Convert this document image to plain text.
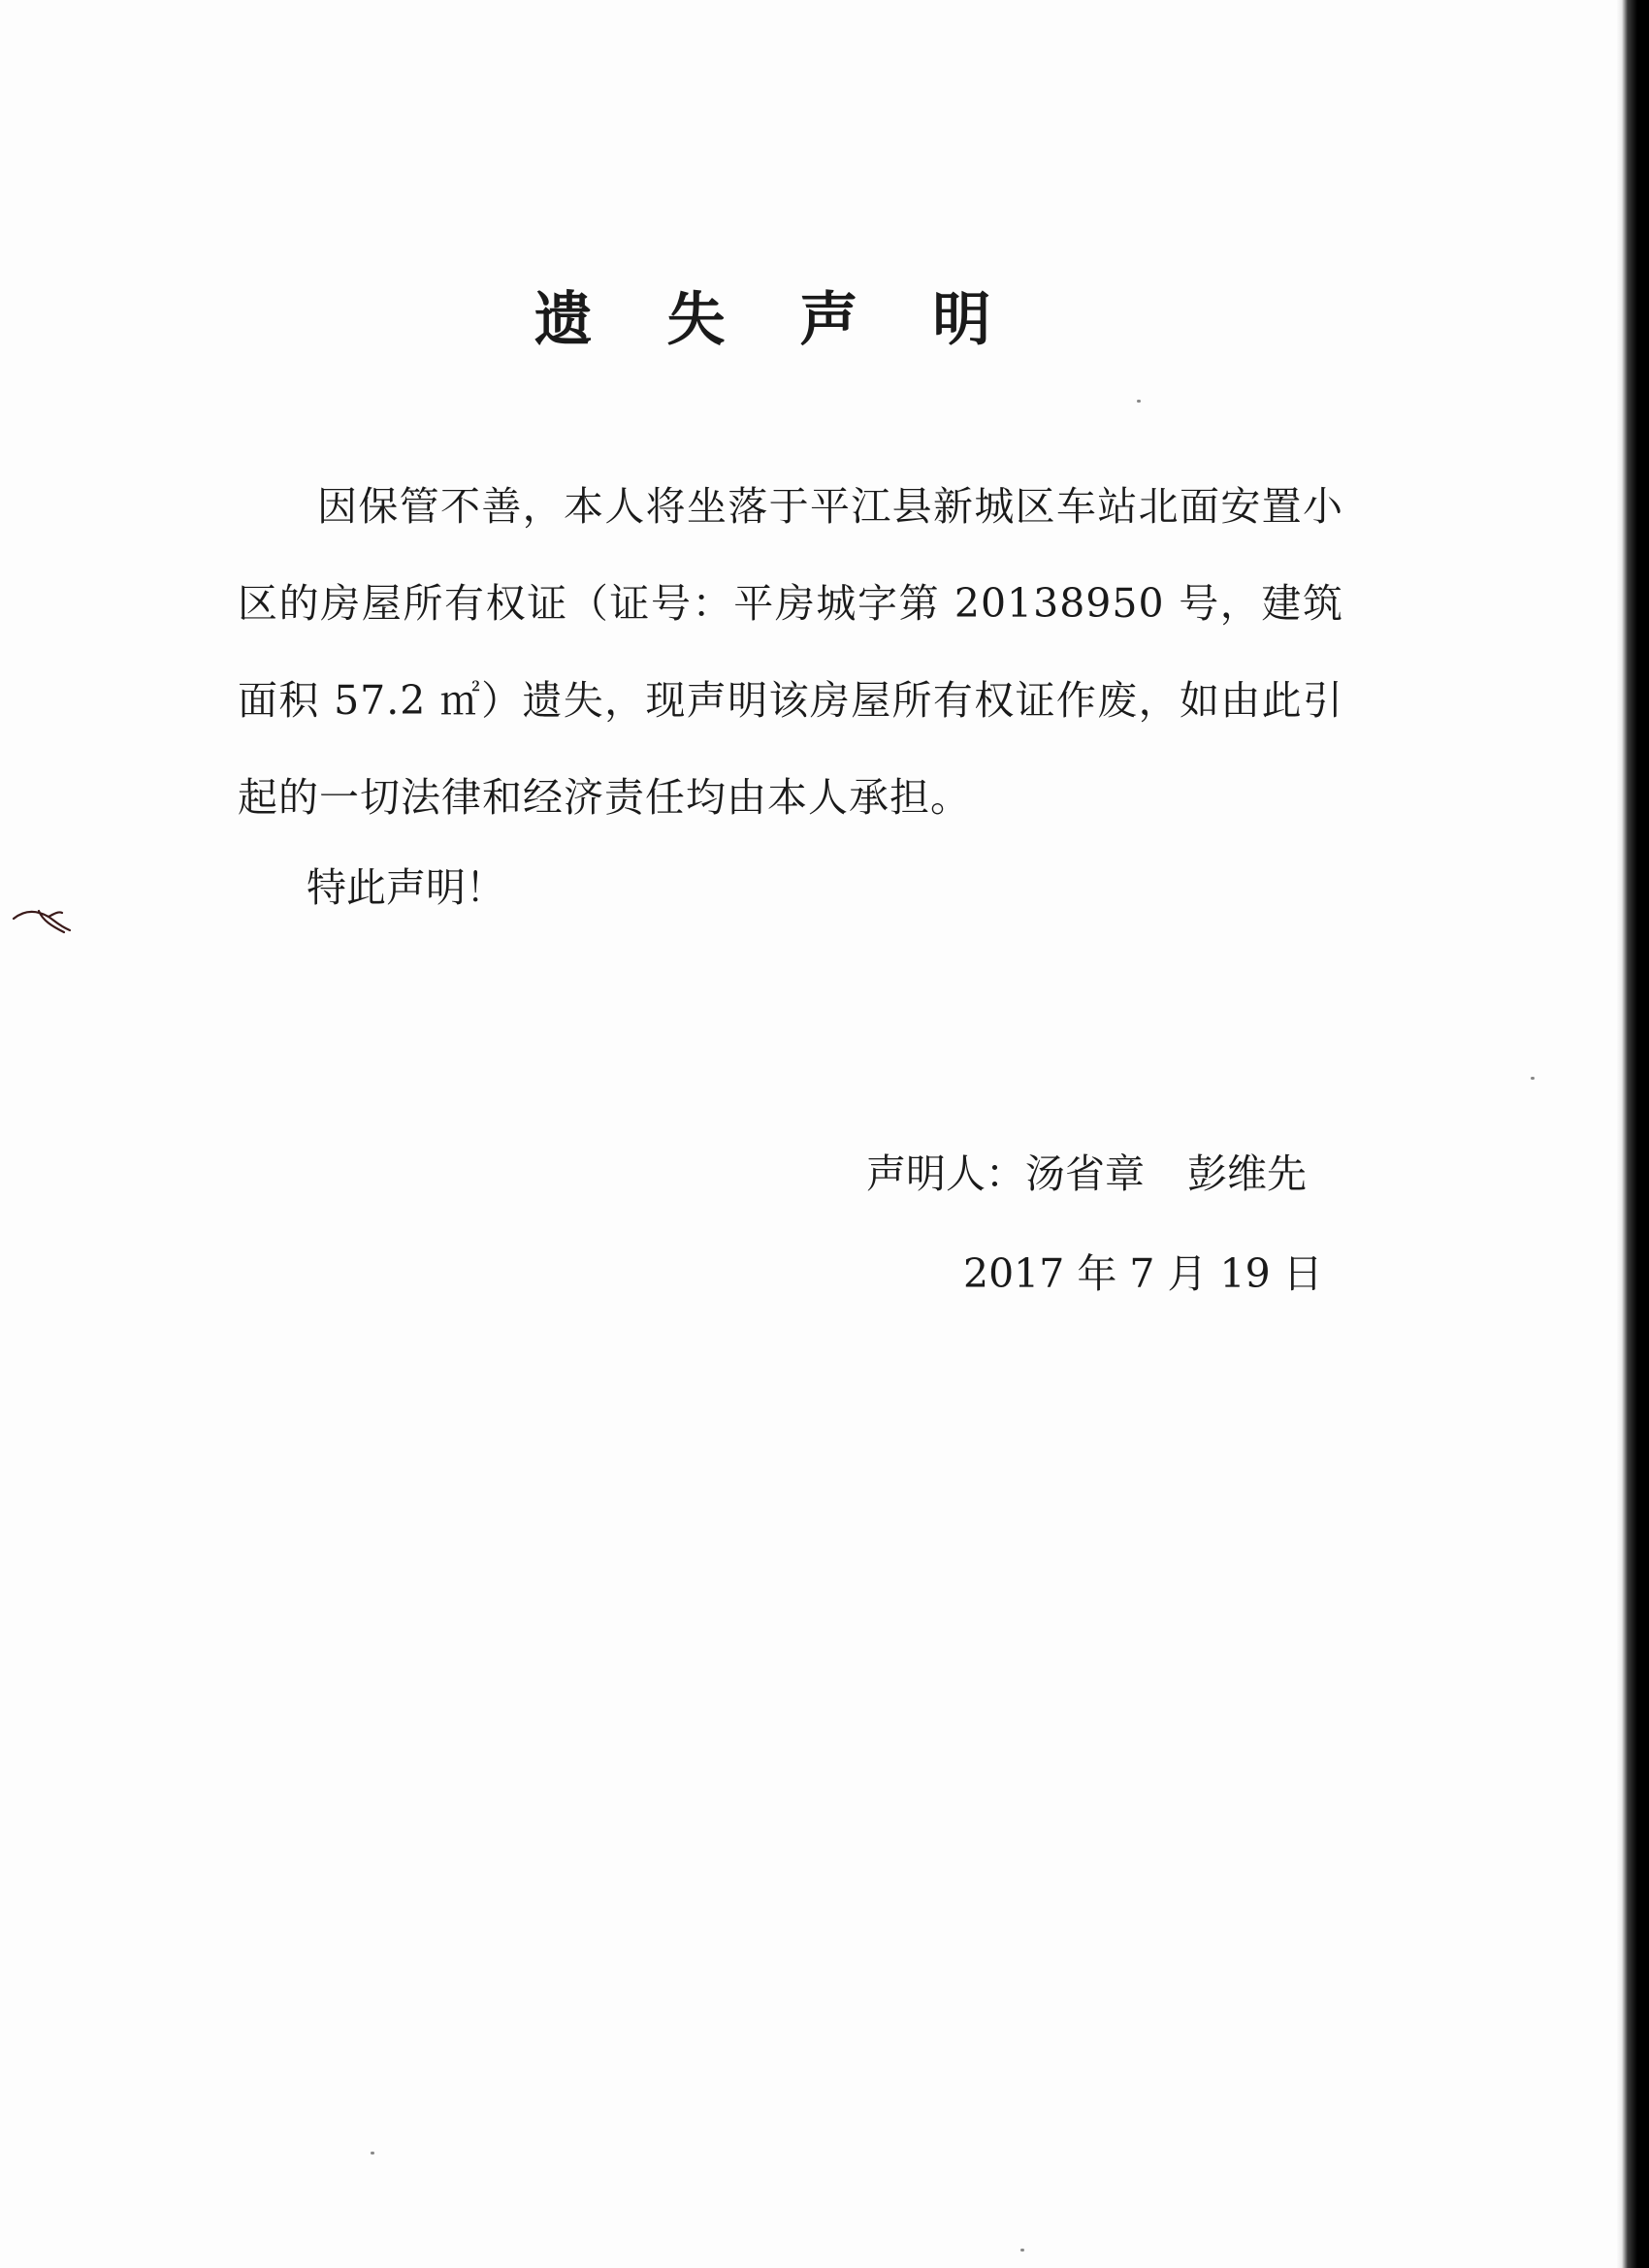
遗 失 声 明

因保管不善，本人将坐落于平江县新城区车站北面安置小区的房屋所有权证（证号：平房城字第 20138950 号，建筑面积 57.2 ㎡）遗失，现声明该房屋所有权证作废，如由此引起的一切法律和经济责任均由本人承担。

特此声明！
声明人：汤省章 彭维先
2017 年 7 月 19 日
